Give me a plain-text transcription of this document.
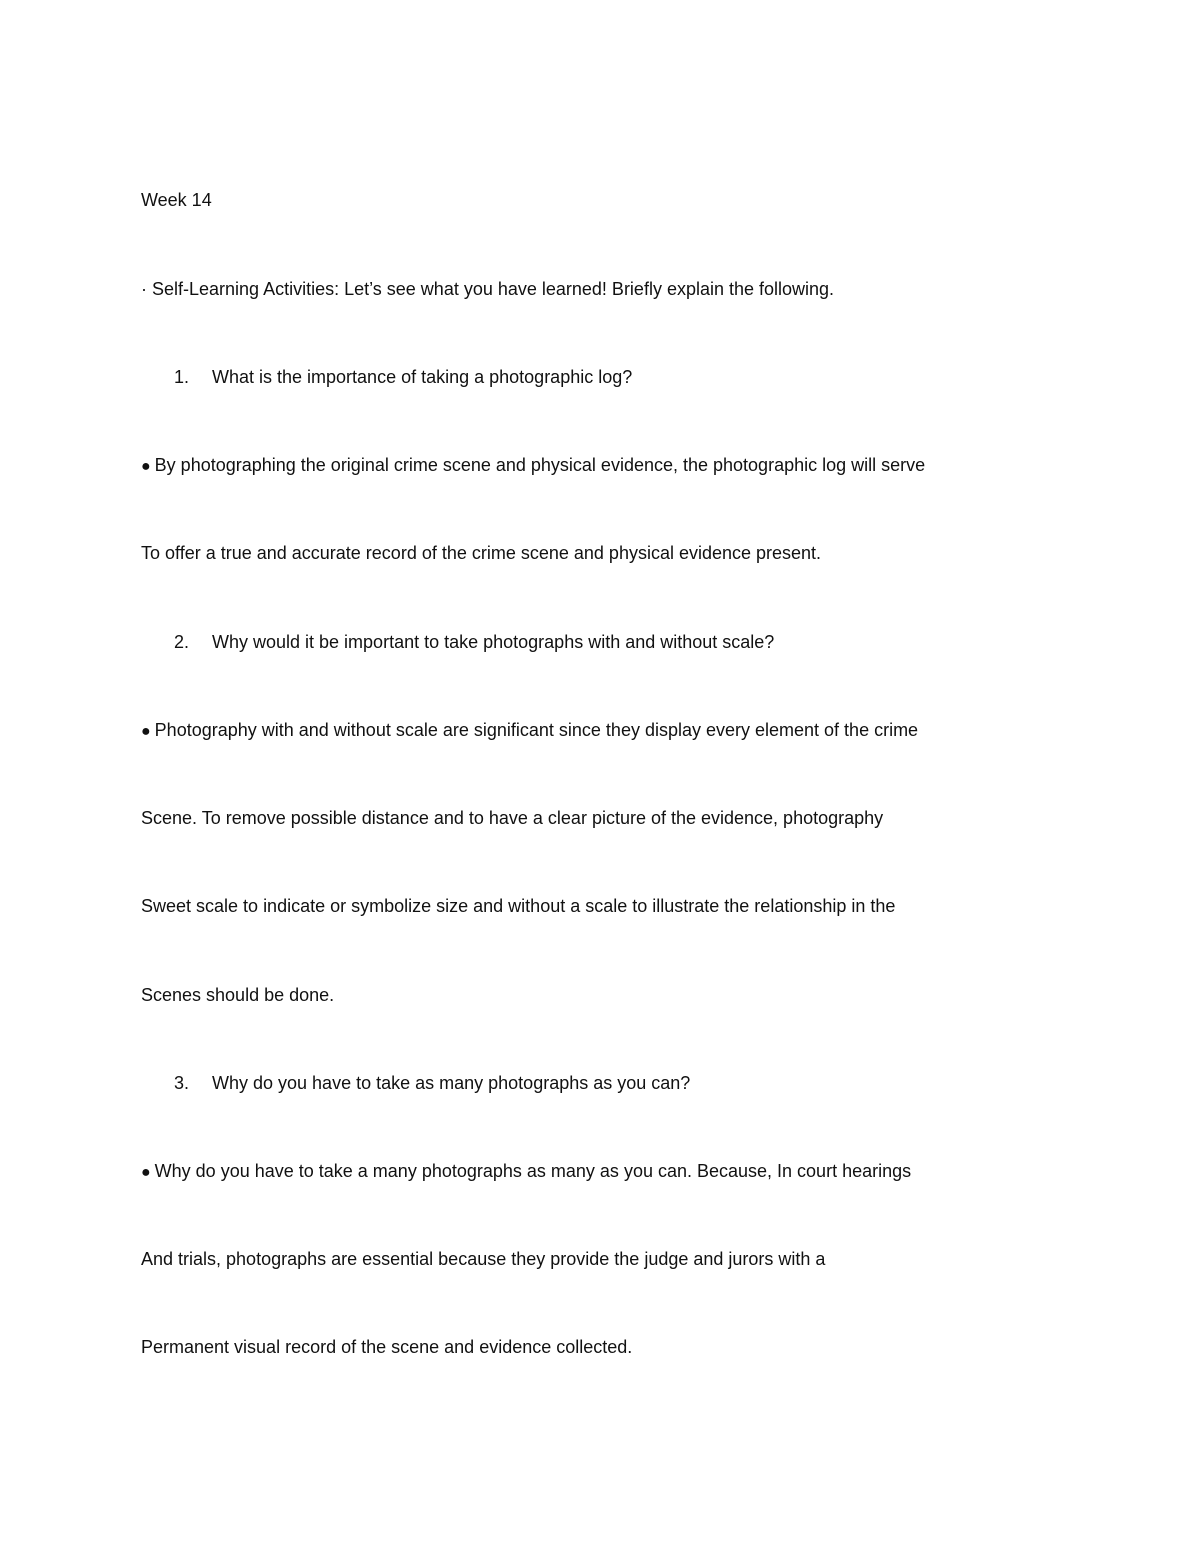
Week 14
· Self-Learning Activities: Let’s see what you have learned! Briefly explain the following.
1. What is the importance of taking a photographic log?
● By photographing the original crime scene and physical evidence, the photographic log will serve
To offer a true and accurate record of the crime scene and physical evidence present.
2. Why would it be important to take photographs with and without scale?
● Photography with and without scale are significant since they display every element of the crime
Scene. To remove possible distance and to have a clear picture of the evidence, photography
Sweet scale to indicate or symbolize size and without a scale to illustrate the relationship in the
Scenes should be done.
3. Why do you have to take as many photographs as you can?
● Why do you have to take a many photographs as many as you can. Because, In court hearings
And trials, photographs are essential because they provide the judge and jurors with a
Permanent visual record of the scene and evidence collected.
